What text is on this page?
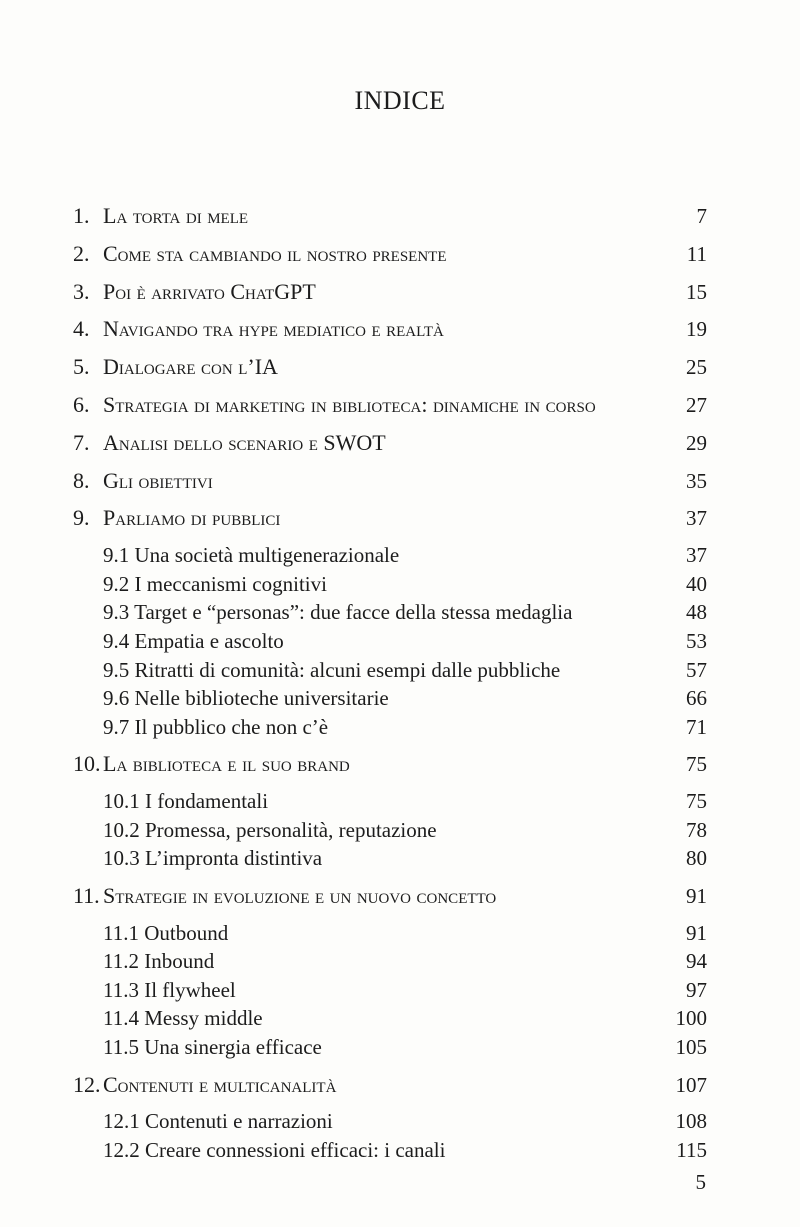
INDICE
1. La torta di mele	7
2. Come sta cambiando il nostro presente	11
3. Poi è arrivato ChatGPT	15
4. Navigando tra hype mediatico e realtà	19
5. Dialogare con l’IA	25
6. Strategia di marketing in biblioteca: dinamiche in corso	27
7. Analisi dello scenario e SWOT	29
8. Gli obiettivi	35
9. Parliamo di pubblici	37
9.1 Una società multigenerazionale	37
9.2 I meccanismi cognitivi	40
9.3 Target e “personas”: due facce della stessa medaglia	48
9.4 Empatia e ascolto	53
9.5 Ritratti di comunità: alcuni esempi dalle pubbliche	57
9.6 Nelle biblioteche universitarie	66
9.7 Il pubblico che non c’è	71
10. La biblioteca e il suo brand	75
10.1 I fondamentali	75
10.2 Promessa, personalità, reputazione	78
10.3 L’impronta distintiva	80
11. Strategie in evoluzione e un nuovo concetto	91
11.1 Outbound	91
11.2 Inbound	94
11.3 Il flywheel	97
11.4 Messy middle	100
11.5 Una sinergia efficace	105
12. Contenuti e multicanalità	107
12.1 Contenuti e narrazioni	108
12.2 Creare connessioni efficaci: i canali	115
5
